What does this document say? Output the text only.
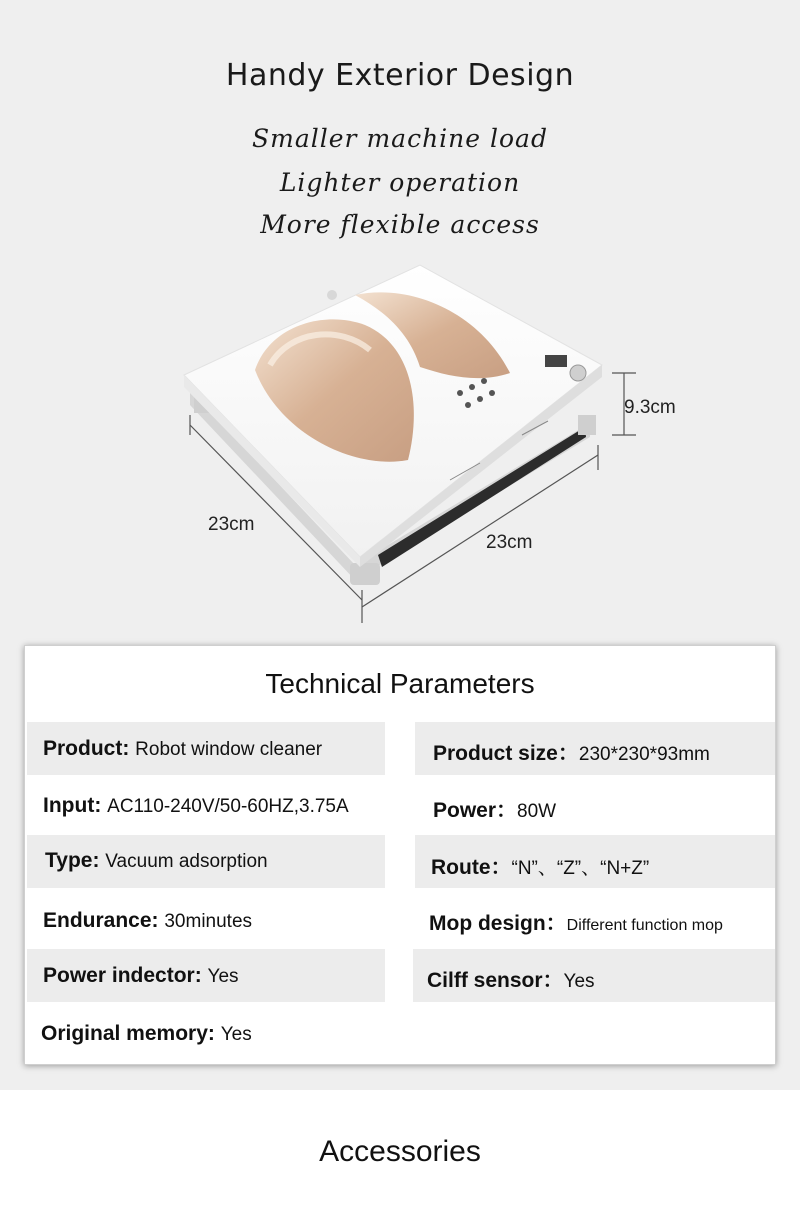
Handy Exterior Design
Smaller machine load
Lighter operation
More flexible access
9.3cm
23cm
23cm
Technical Parameters
Product: Robot window cleaner	Product size：230*230*93mm
Input: AC110-240V/50-60HZ,3.75A	Power：80W
Type: Vacuum adsorption	Route：“N”、“Z”、“N+Z”
Endurance: 30minutes	Mop design：Different function mop
Power indector: Yes	Cilff sensor：Yes
Original memory: Yes
Accessories
